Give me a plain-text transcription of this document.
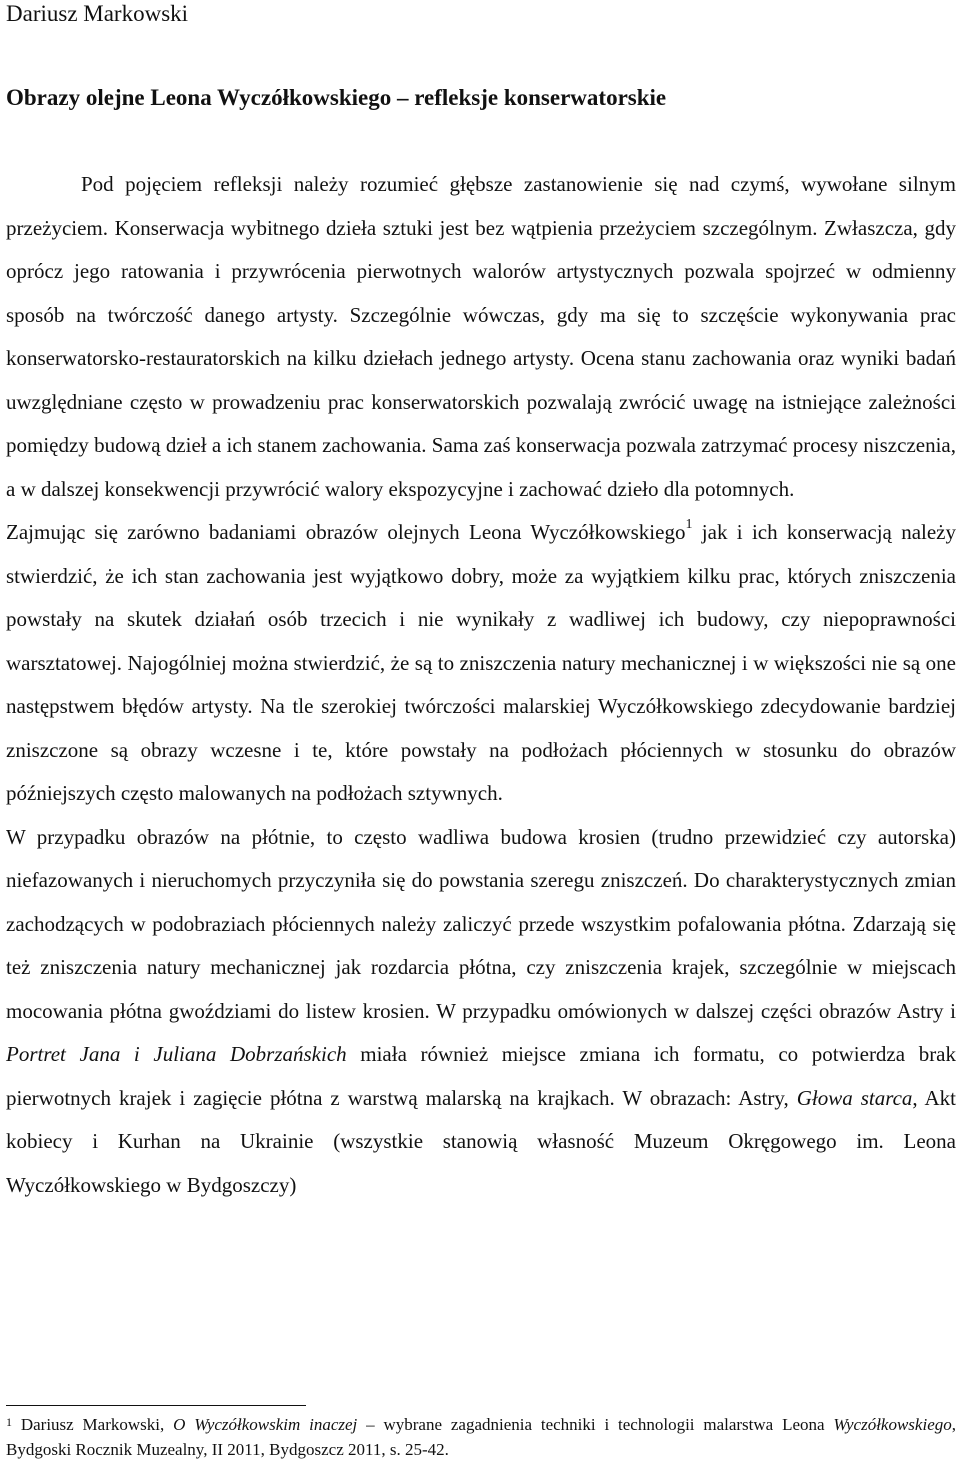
Dariusz Markowski
Obrazy olejne Leona Wyczółkowskiego – refleksje konserwatorskie

Pod pojęciem refleksji należy rozumieć głębsze zastanowienie się nad czymś, wywołane silnym przeżyciem. Konserwacja wybitnego dzieła sztuki jest bez wątpienia przeżyciem szczególnym. Zwłaszcza, gdy oprócz jego ratowania i przywrócenia pierwotnych walorów artystycznych pozwala spojrzeć w odmienny sposób na twórczość danego artysty. Szczególnie wówczas, gdy ma się to szczęście wykonywania prac konserwatorsko-restauratorskich na kilku dziełach jednego artysty. Ocena stanu zachowania oraz wyniki badań uwzględniane często w prowadzeniu prac konserwatorskich pozwalają zwrócić uwagę na istniejące zależności pomiędzy budową dzieł a ich stanem zachowania. Sama zaś konserwacja pozwala zatrzymać procesy niszczenia, a w dalszej konsekwencji przywrócić walory ekspozycyjne i zachować dzieło dla potomnych.

Zajmując się zarówno badaniami obrazów olejnych Leona Wyczółkowskiego$^1$ jak i ich konserwacją należy stwierdzić, że ich stan zachowania jest wyjątkowo dobry, może za wyjątkiem kilku prac, których zniszczenia powstały na skutek działań osób trzecich i nie wynikały z wadliwej ich budowy, czy niepoprawności warsztatowej. Najogólniej można stwierdzić, że są to zniszczenia natury mechanicznej i w większości nie są one następstwem błędów artysty. Na tle szerokiej twórczości malarskiej Wyczółkowskiego zdecydowanie bardziej zniszczone są obrazy wczesne i te, które powstały na podłożach płóciennych w stosunku do obrazów późniejszych często malowanych na podłożach sztywnych.

W przypadku obrazów na płótnie, to często wadliwa budowa krosien (trudno przewidzieć czy autorska) niefazowanych i nieruchomych przyczyniła się do powstania szeregu zniszczeń. Do charakterystycznych zmian zachodzących w podobraziach płóciennych należy zaliczyć przede wszystkim pofalowania płótna. Zdarzają się też zniszczenia natury mechanicznej jak rozdarcia płótna, czy zniszczenia krajek, szczególnie w miejscach mocowania płótna gwoździami do listew krosien. W przypadku omówionych w dalszej części obrazów Astry i Portret Jana i Juliana Dobrzańskich miała również miejsce zmiana ich formatu, co potwierdza brak pierwotnych krajek i zagięcie płótna z warstwą malarską na krajkach. W obrazach: Astry, Głowa starca, Akt kobiecy i Kurhan na Ukrainie (wszystkie stanowią własność Muzeum Okręgowego im. Leona Wyczółkowskiego w Bydgoszczy)

$^1$ Dariusz Markowski, O Wyczółkowskim inaczej – wybrane zagadnienia techniki i technologii malarstwa Leona Wyczółkowskiego, Bydgoski Rocznik Muzealny, II 2011, Bydgoszcz 2011, s. 25-42.
